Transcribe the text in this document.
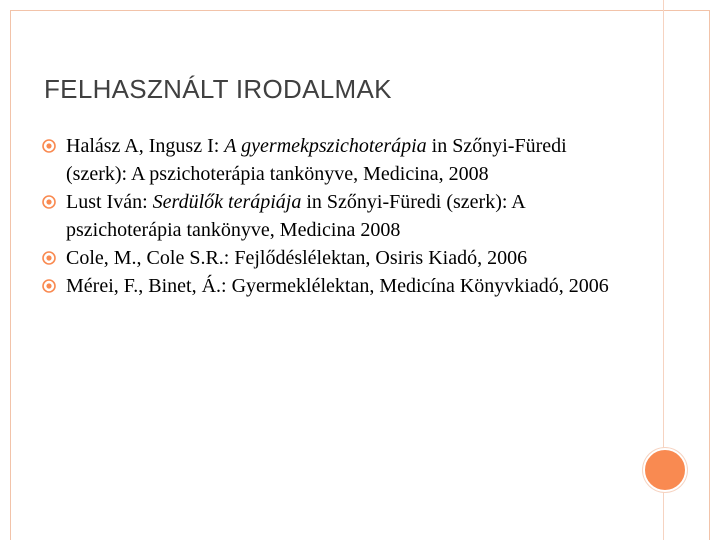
FELHASZNÁLT IRODALMAK
Halász A, Ingusz I: A gyermekpszichoterápia in Szőnyi-Füredi (szerk): A pszichoterápia tankönyve, Medicina, 2008
Lust Iván: Serdülők terápiája in Szőnyi-Füredi (szerk): A pszichoterápia tankönyve, Medicina 2008
Cole, M., Cole S.R.: Fejlődéslélektan, Osiris Kiadó, 2006
Mérei, F., Binet, Á.: Gyermeklélektan, Medicína Könyvkiadó, 2006
